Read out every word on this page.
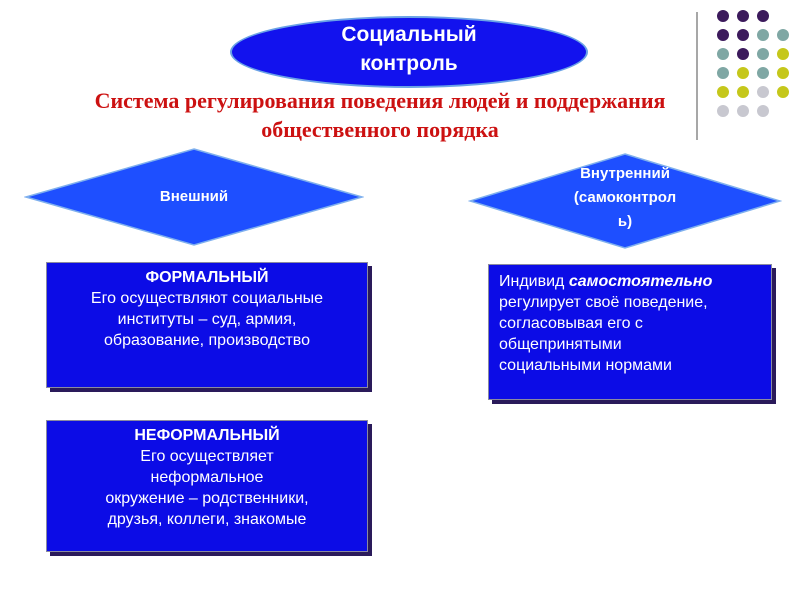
Социальный
контроль
Система регулирования поведения людей и поддержания
общественного порядка
Внешний
Внутренний
(самоконтрол
ь)
ФОРМАЛЬНЫЙ
Его осуществляют социальные
институты – суд, армия,
образование, производство
НЕФОРМАЛЬНЫЙ
Его осуществляет
неформальное
окружение – родственники,
друзья, коллеги, знакомые
Индивид самостоятельно
регулирует своё поведение,
согласовывая его с
общепринятыми
социальными нормами
